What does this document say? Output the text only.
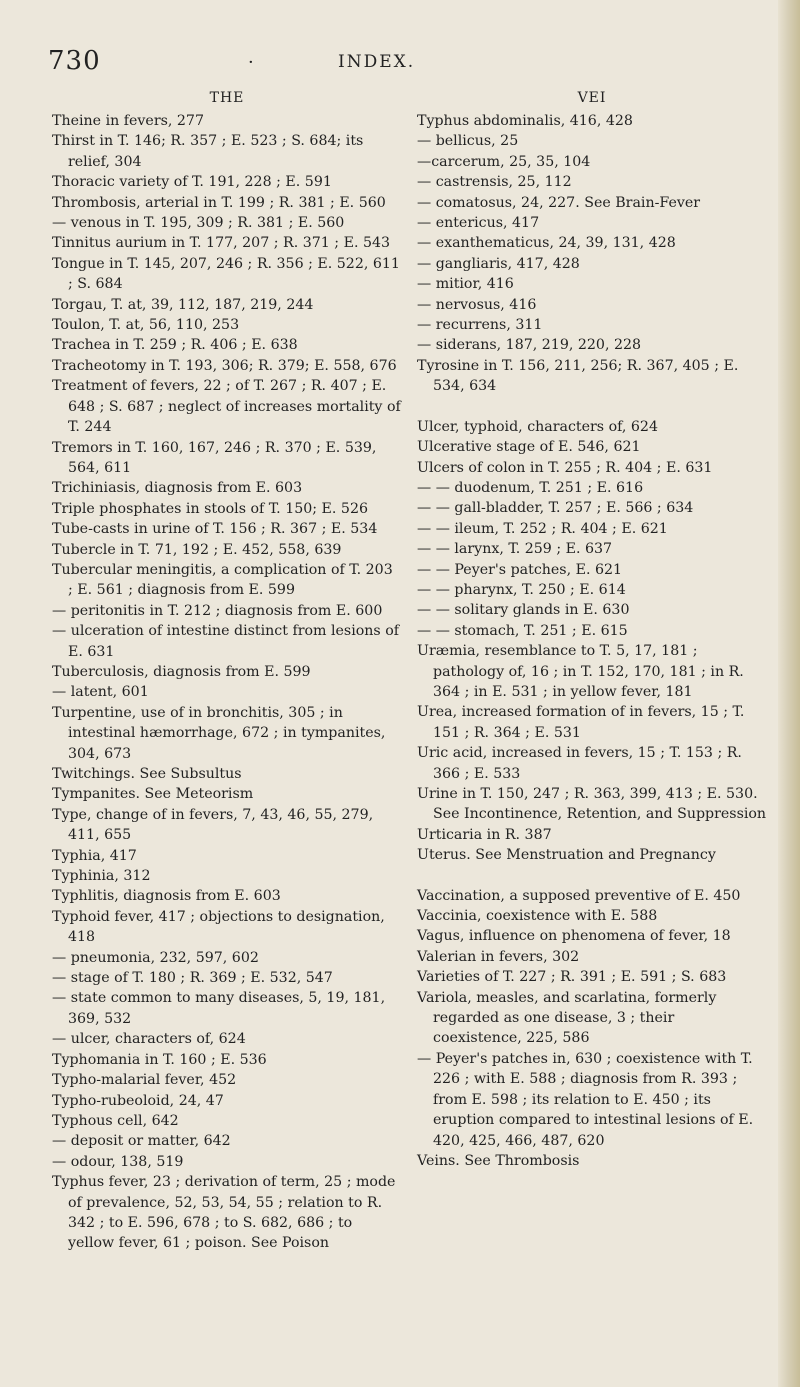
730	·	INDEX.
THE
Theine in fevers, 277
Thirst in T. 146; R. 357 ; E. 523 ; S. 684; its relief, 304
Thoracic variety of T. 191, 228 ; E. 591
Thrombosis, arterial in T. 199 ; R. 381 ; E. 560
— venous in T. 195, 309 ; R. 381 ; E. 560
Tinnitus aurium in T. 177, 207 ; R. 371 ; E. 543
Tongue in T. 145, 207, 246 ; R. 356 ; E. 522, 611 ; S. 684
Torgau, T. at, 39, 112, 187, 219, 244
Toulon, T. at, 56, 110, 253
Trachea in T. 259 ; R. 406 ; E. 638
Tracheotomy in T. 193, 306; R. 379; E. 558, 676
Treatment of fevers, 22 ; of T. 267 ; R. 407 ; E. 648 ; S. 687 ; neglect of increases mortality of T. 244
Tremors in T. 160, 167, 246 ; R. 370 ; E. 539, 564, 611
Trichiniasis, diagnosis from E. 603
Triple phosphates in stools of T. 150; E. 526
Tube-casts in urine of T. 156 ; R. 367 ; E. 534
Tubercle in T. 71, 192 ; E. 452, 558, 639
Tubercular meningitis, a complication of T. 203 ; E. 561 ; diagnosis from E. 599
— peritonitis in T. 212 ; diagnosis from E. 600
— ulceration of intestine distinct from lesions of E. 631
Tuberculosis, diagnosis from E. 599
— latent, 601
Turpentine, use of in bronchitis, 305 ; in intestinal hæmorrhage, 672 ; in tympanites, 304, 673
Twitchings. See Subsultus
Tympanites. See Meteorism
Type, change of in fevers, 7, 43, 46, 55, 279, 411, 655
Typhia, 417
Typhinia, 312
Typhlitis, diagnosis from E. 603
Typhoid fever, 417 ; objections to designation, 418
— pneumonia, 232, 597, 602
— stage of T. 180 ; R. 369 ; E. 532, 547
— state common to many diseases, 5, 19, 181, 369, 532
— ulcer, characters of, 624
Typhomania in T. 160 ; E. 536
Typho-malarial fever, 452
Typho-rubeoloid, 24, 47
Typhous cell, 642
— deposit or matter, 642
— odour, 138, 519
Typhus fever, 23 ; derivation of term, 25 ; mode of prevalence, 52, 53, 54, 55 ; relation to R. 342 ; to E. 596, 678 ; to S. 682, 686 ; to yellow fever, 61 ; poison. See Poison
VEI
Typhus abdominalis, 416, 428
— bellicus, 25
—carcerum, 25, 35, 104
— castrensis, 25, 112
— comatosus, 24, 227. See Brain-Fever
— entericus, 417
— exanthematicus, 24, 39, 131, 428
— gangliaris, 417, 428
— mitior, 416
— nervosus, 416
— recurrens, 311
— siderans, 187, 219, 220, 228
Tyrosine in T. 156, 211, 256; R. 367, 405 ; E. 534, 634
Ulcer, typhoid, characters of, 624
Ulcerative stage of E. 546, 621
Ulcers of colon in T. 255 ; R. 404 ; E. 631
— — duodenum, T. 251 ; E. 616
— — gall-bladder, T. 257 ; E. 566 ; 634
— — ileum, T. 252 ; R. 404 ; E. 621
— — larynx, T. 259 ; E. 637
— — Peyer's patches, E. 621
— — pharynx, T. 250 ; E. 614
— — solitary glands in E. 630
— — stomach, T. 251 ; E. 615
Uræmia, resemblance to T. 5, 17, 181 ; pathology of, 16 ; in T. 152, 170, 181 ; in R. 364 ; in E. 531 ; in yellow fever, 181
Urea, increased formation of in fevers, 15 ; T. 151 ; R. 364 ; E. 531
Uric acid, increased in fevers, 15 ; T. 153 ; R. 366 ; E. 533
Urine in T. 150, 247 ; R. 363, 399, 413 ; E. 530. See Incontinence, Retention, and Suppression
Urticaria in R. 387
Uterus. See Menstruation and Pregnancy
Vaccination, a supposed preventive of E. 450
Vaccinia, coexistence with E. 588
Vagus, influence on phenomena of fever, 18
Valerian in fevers, 302
Varieties of T. 227 ; R. 391 ; E. 591 ; S. 683
Variola, measles, and scarlatina, formerly regarded as one disease, 3 ; their coexistence, 225, 586
— Peyer's patches in, 630 ; coexistence with T. 226 ; with E. 588 ; diagnosis from R. 393 ; from E. 598 ; its relation to E. 450 ; its eruption compared to intestinal lesions of E. 420, 425, 466, 487, 620
Veins. See Thrombosis
